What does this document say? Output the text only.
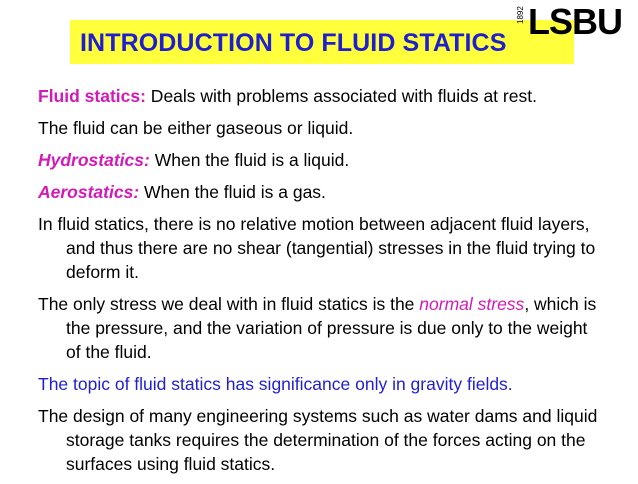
INTRODUCTION TO FLUID STATICS
1892 LSBU

Fluid statics: Deals with problems associated with fluids at rest.

The fluid can be either gaseous or liquid.

Hydrostatics: When the fluid is a liquid.

Aerostatics: When the fluid is a gas.

In fluid statics, there is no relative motion between adjacent fluid layers, and thus there are no shear (tangential) stresses in the fluid trying to deform it.

The only stress we deal with in fluid statics is the normal stress, which is the pressure, and the variation of pressure is due only to the weight of the fluid.

The topic of fluid statics has significance only in gravity fields.

The design of many engineering systems such as water dams and liquid storage tanks requires the determination of the forces acting on the surfaces using fluid statics.
